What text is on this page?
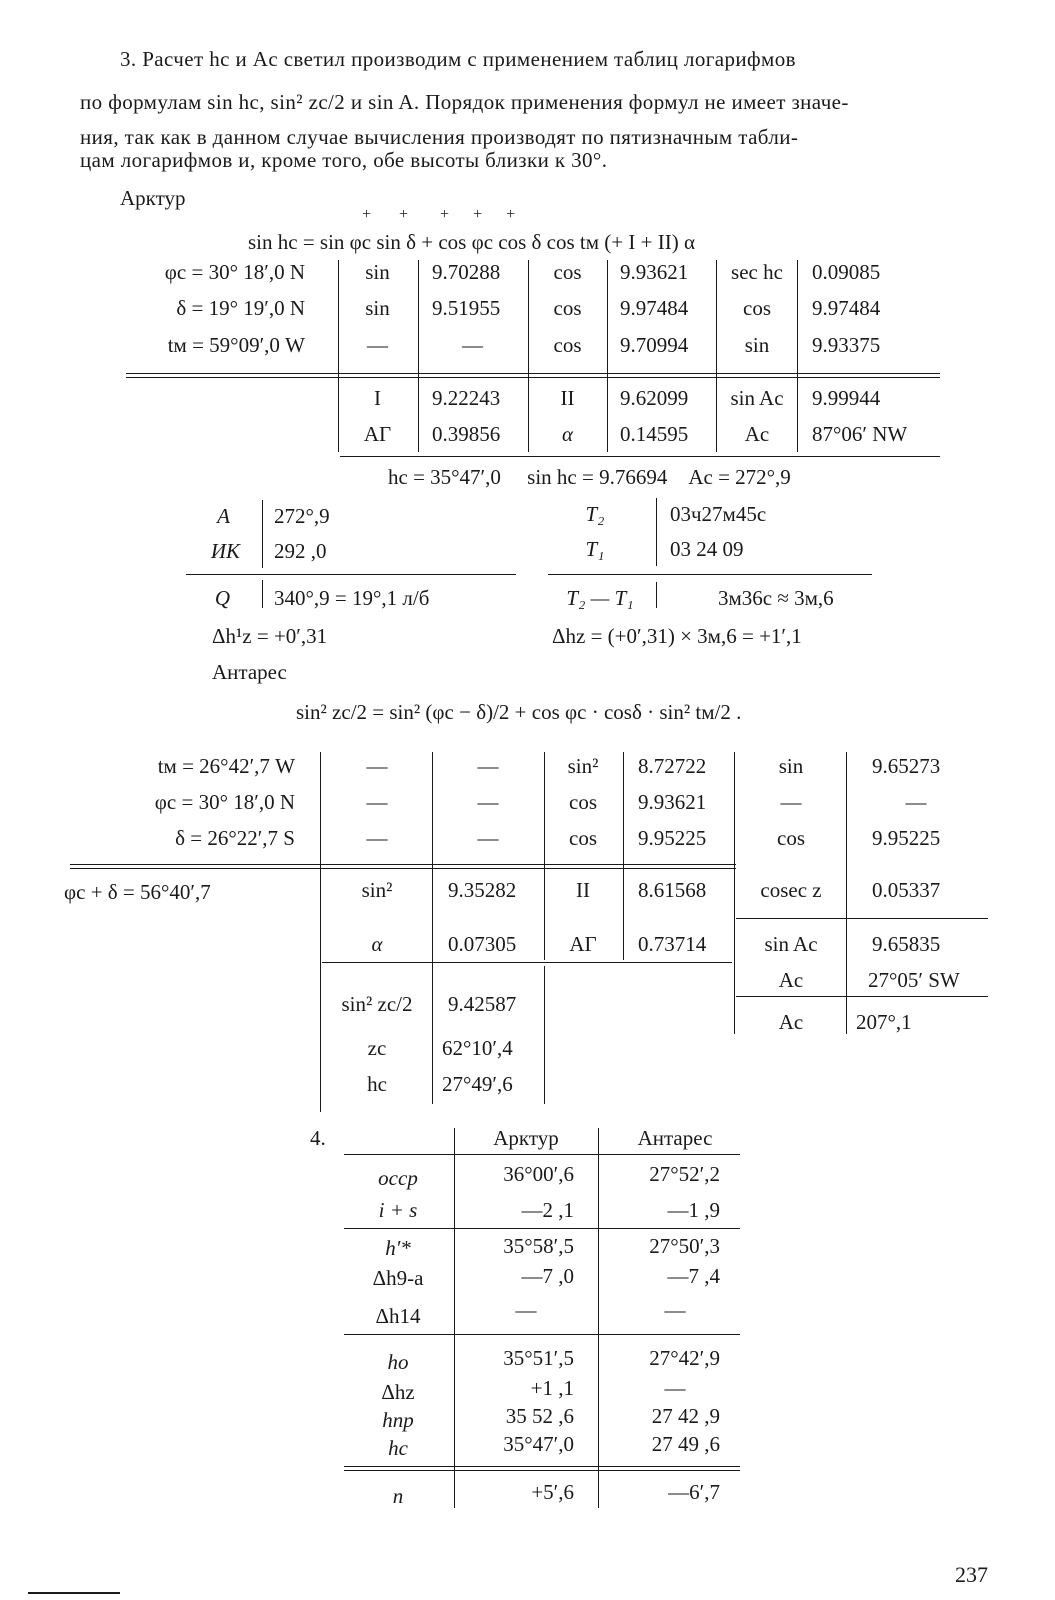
3. Расчет hс и Aс светил производим с применением таблиц логарифмов

по формулам sin hс, sin² zс/2 и sin A. Порядок применения формул не имеет значе-

ния, так как в данном случае вычисления производят по пятизначным табли-

цам логарифмов и, кроме того, обе высоты близки к 30°.

Арктур
+       +        +      +      +
sin hс = sin φс sin δ + cos φс cos δ cos tм (+ I + II) α
φс = 30° 18′,0 N	sin	9.70288	cos	9.93621	sec hс	0.09085
δ = 19° 19′,0 N	sin	9.51955	cos	9.97484	cos	9.97484
tм = 59°09′,0 W	—	—	cos	9.70994	sin	9.93375
I	9.22243	II	9.62099	sin Aс	9.99944
АГ	0.39856	α	0.14595	Aс	87°06′ NW
hс = 35°47′,0     sin hс = 9.76694    Aс = 272°,9
A 272°,9
ИК 292 ,0
Q 340°,9 = 19°,1 л/б
Δh¹z = +0′,31
T₂	03ч27м45с
T₁	03 24 09
T₂ — T₁	3м36с ≈ 3м,6
Δhz = (+0′,31) × 3м,6 = +1′,1
Антарес
sin² zс/2 = sin² (φс − δ)/2 + cos φс · cosδ · sin² tм/2 .
tм = 26°42′,7 W	—	—	sin²	8.72722	sin	9.65273
φс = 30° 18′,0 N	—	—	cos	9.93621	—	—
δ = 26°22′,7 S	—	—	cos	9.95225	cos	9.95225
φс + δ = 56°40′,7	sin²	9.35282	II	8.61568	cosec z	0.05337
α	0.07305	АГ	0.73714	sin Aс	9.65835
Aс	27°05′ SW
Aс	207°,1
sin² zс/2	9.42587
zс	62°10′,4
hс	27°49′,6
4.	Арктур	Антарес
ocср	36°00′,6	27°52′,2
i + s	—2 ,1	—1 ,9
h′*	35°58′,5	27°50′,3
Δh9-a	—7 ,0	—7 ,4
Δh14	—	—
ho	35°51′,5	27°42′,9
Δhz	+1 ,1	—
hпр	35 52 ,6	27 42 ,9
hс	35°47′,0	27 49 ,6
n	+5′,6	—6′,7
237
